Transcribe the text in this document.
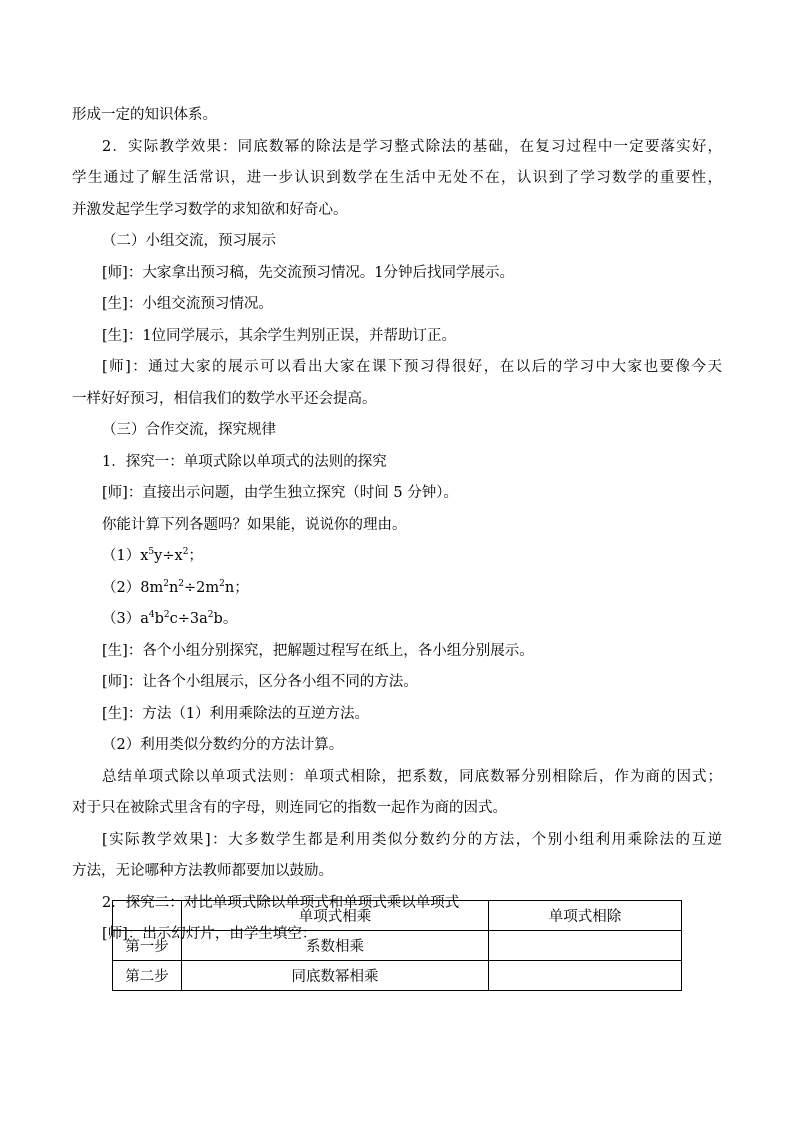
形成一定的知识体系。

2．实际教学效果：同底数幂的除法是学习整式除法的基础，在复习过程中一定要落实好，

学生通过了解生活常识，进一步认识到数学在生活中无处不在，认识到了学习数学的重要性，

并激发起学生学习数学的求知欲和好奇心。

（二）小组交流，预习展示

[师]：大家拿出预习稿，先交流预习情况。1分钟后找同学展示。

[生]：小组交流预习情况。

[生]：1位同学展示，其余学生判别正误，并帮助订正。

[师]：通过大家的展示可以看出大家在课下预习得很好，在以后的学习中大家也要像今天

一样好好预习，相信我们的数学水平还会提高。

（三）合作交流，探究规律

1．探究一：单项式除以单项式的法则的探究

[师]：直接出示问题，由学生独立探究（时间 5 分钟）。

你能计算下列各题吗？如果能，说说你的理由。

$(1)x^5y\div x^2$；

$(2)8m^2n^2\div 2m^2n$；

$(3)a^4b^2c\div 3a^2b$。

[生]：各个小组分别探究，把解题过程写在纸上，各小组分别展示。

[师]：让各个小组展示，区分各小组不同的方法。

[生]：方法（1）利用乘除法的互逆方法。

（2）利用类似分数约分的方法计算。

总结单项式除以单项式法则：单项式相除，把系数，同底数幂分别相除后，作为商的因式；

对于只在被除式里含有的字母，则连同它的指数一起作为商的因式。

[实际教学效果]：大多数学生都是利用类似分数约分的方法，个别小组利用乘除法的互逆

方法，无论哪种方法教师都要加以鼓励。

2．探究二：对比单项式除以单项式和单项式乘以单项式

[师]：出示幻灯片，由学生填空：

	单项式相乘	单项式相除
第一步	系数相乘	
第二步	同底数幂相乘	
